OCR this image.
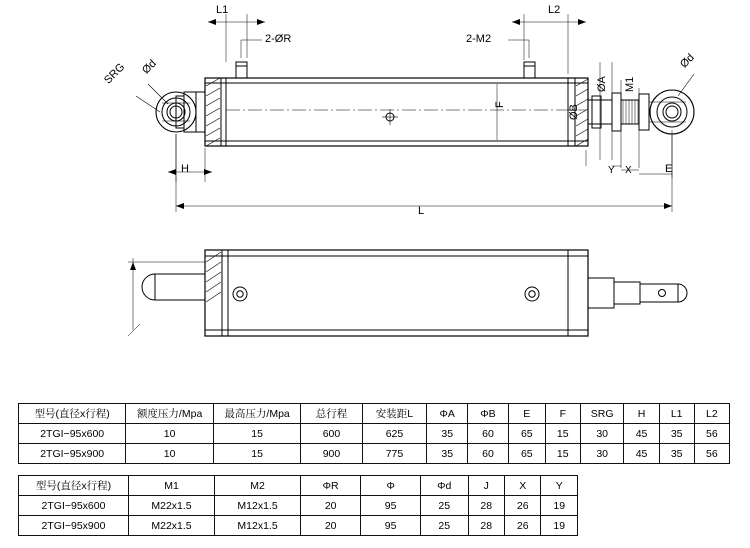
L1	L2
2-ØR	2-M2
SRG Ød
ØA M1
Ød
ØB
F
H	Y X	E
L
型号(直径x行程)	额度压力/Mpa	最高压力/Mpa	总行程	安装距L	ΦA	ΦB	E	F	SRG	H	L1	L2
2TGI−95x600	10	15	600	625	35	60	65	15	30	45	35	56
2TGI−95x900	10	15	900	775	35	60	65	15	30	45	35	56
型号(直径x行程)	M1	M2	ΦR	Φ	Φd	J	X	Y
2TGI−95x600	M22x1.5	M12x1.5	20	95	25	28	26	19
2TGI−95x900	M22x1.5	M12x1.5	20	95	25	28	26	19
